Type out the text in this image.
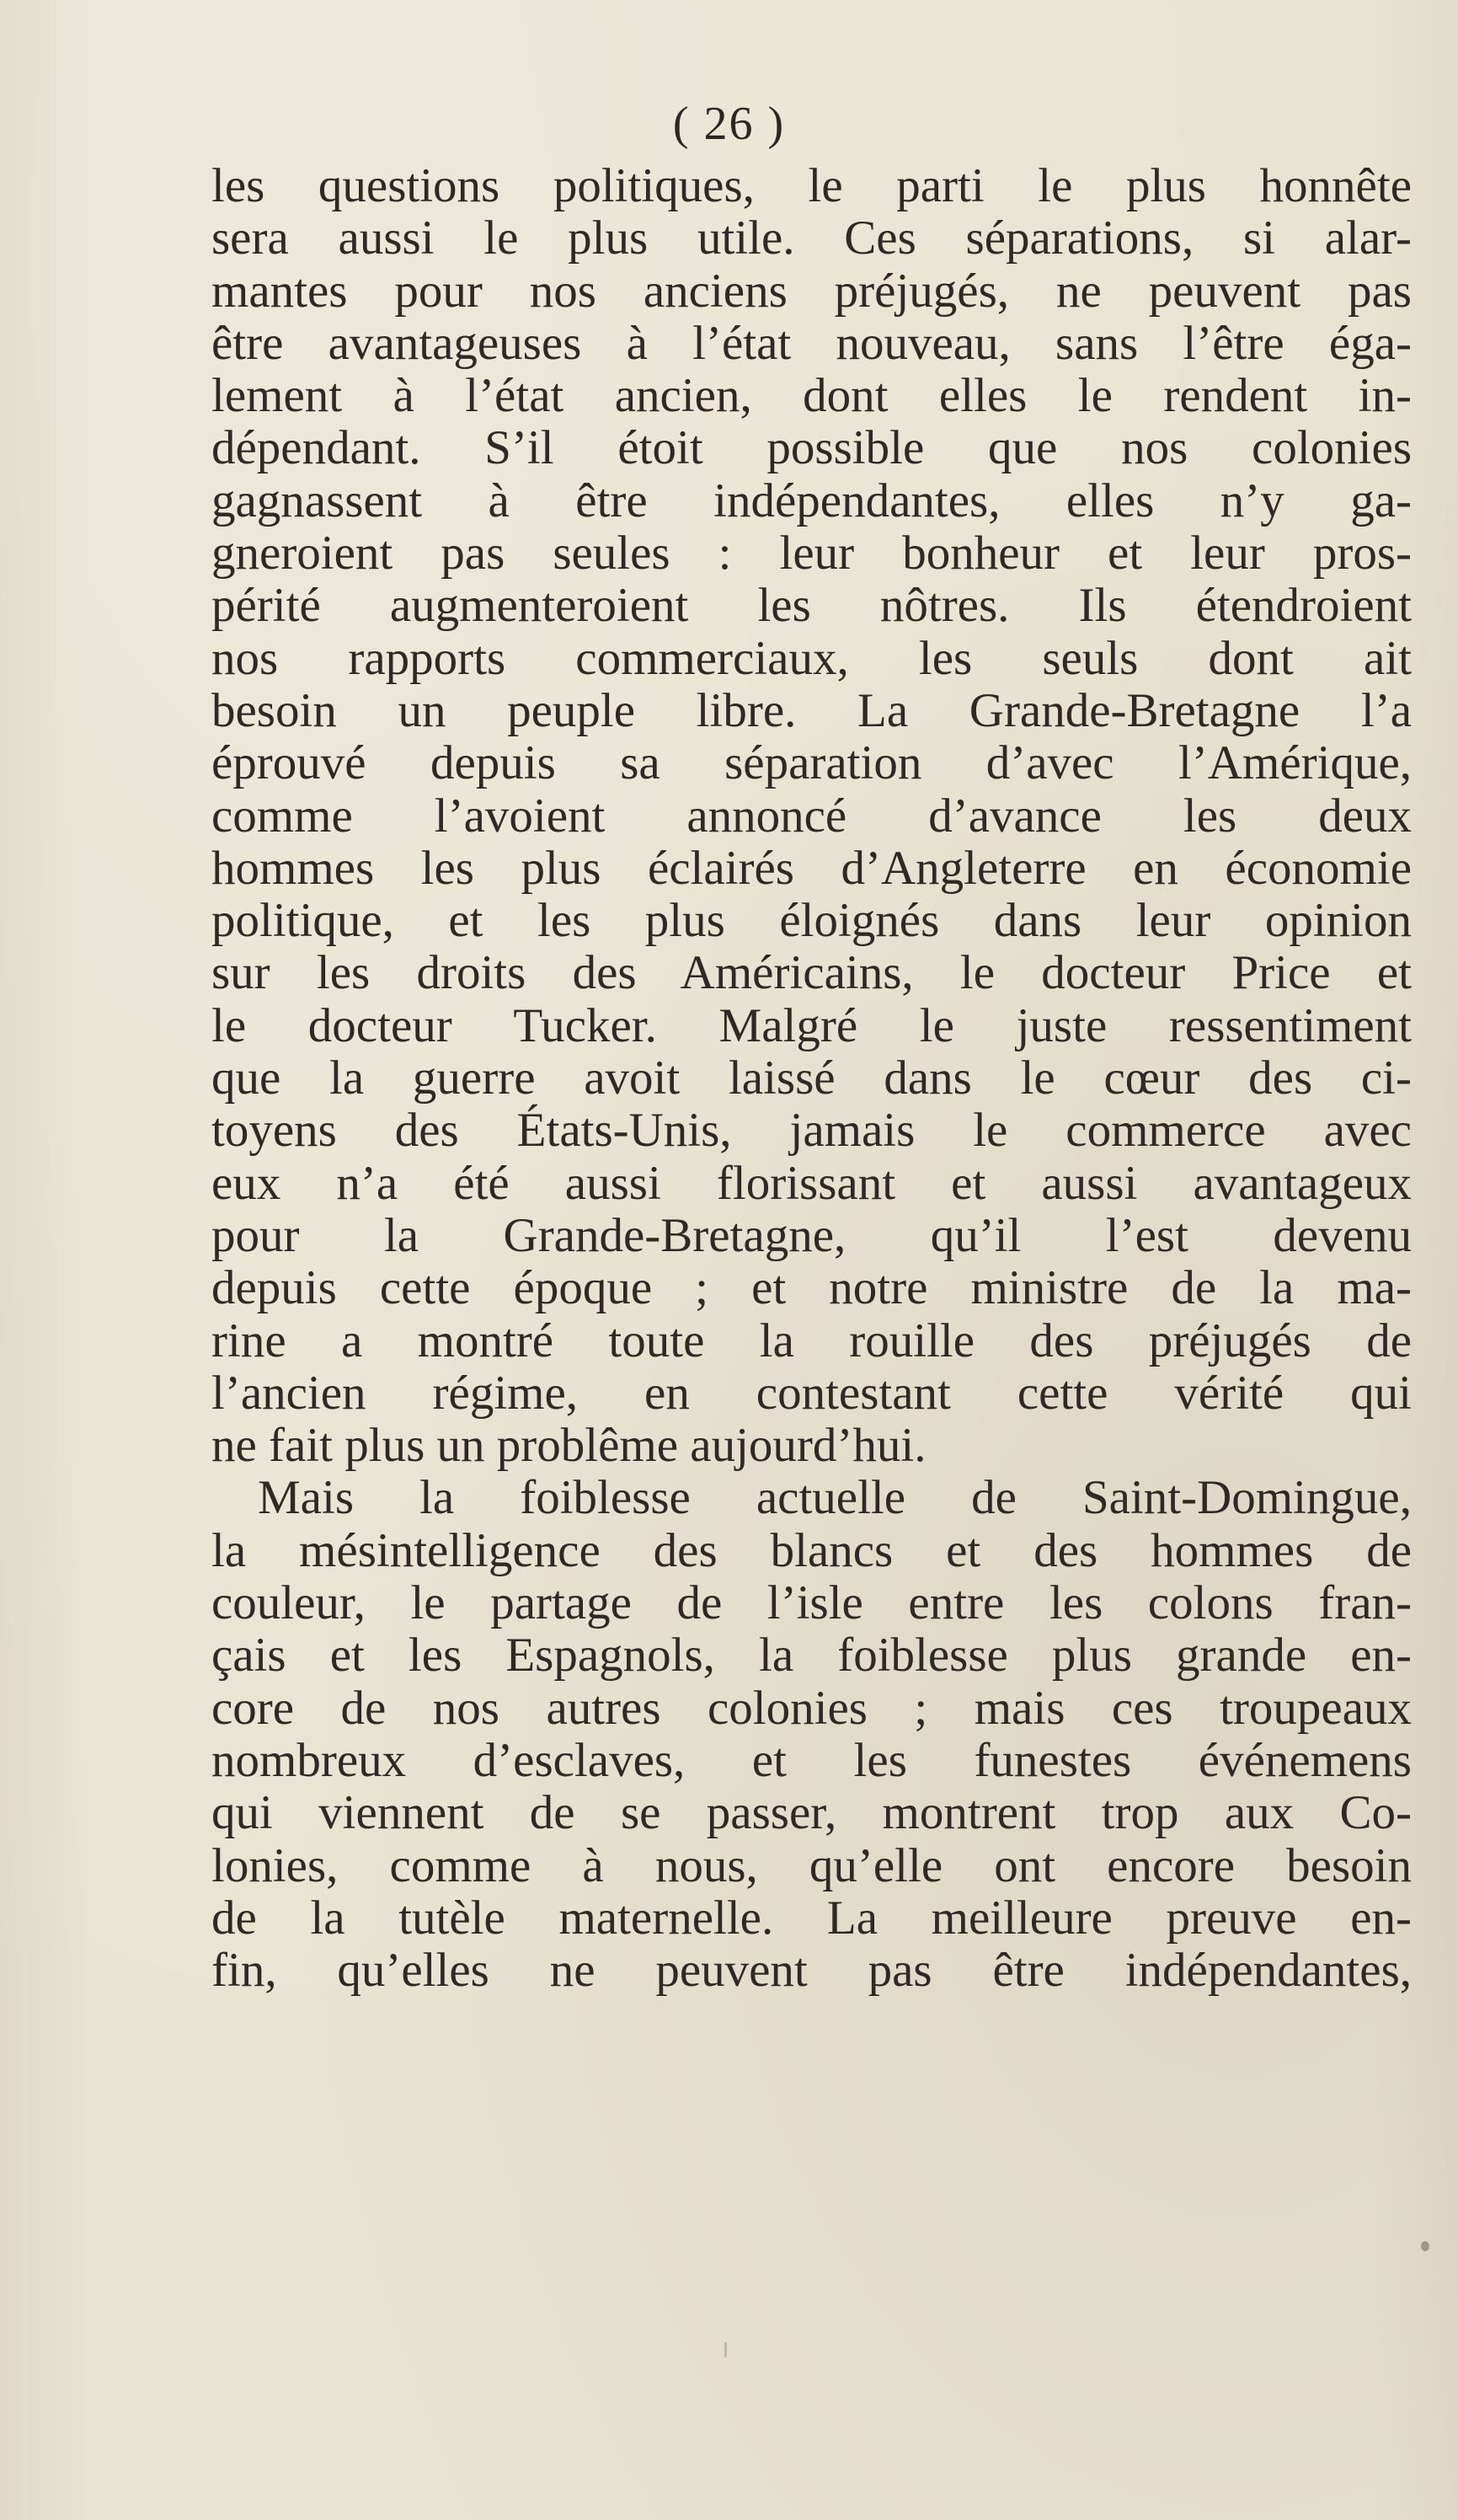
( 26 )
les questions politiques, le parti le plus honnête
sera aussi le plus utile. Ces séparations, si alar-
mantes pour nos anciens préjugés, ne peuvent pas
être avantageuses à l’état nouveau, sans l’être éga-
lement à l’état ancien, dont elles le rendent in-
dépendant. S’il étoit possible que nos colonies
gagnassent à être indépendantes, elles n’y ga-
gneroient pas seules : leur bonheur et leur pros-
périté augmenteroient les nôtres. Ils étendroient
nos rapports commerciaux, les seuls dont ait
besoin un peuple libre. La Grande-Bretagne l’a
éprouvé depuis sa séparation d’avec l’Amérique,
comme l’avoient annoncé d’avance les deux
hommes les plus éclairés d’Angleterre en économie
politique, et les plus éloignés dans leur opinion
sur les droits des Américains, le docteur Price et
le docteur Tucker. Malgré le juste ressentiment
que la guerre avoit laissé dans le cœur des ci-
toyens des États-Unis, jamais le commerce avec
eux n’a été aussi florissant et aussi avantageux
pour la Grande-Bretagne, qu’il l’est devenu
depuis cette époque ; et notre ministre de la ma-
rine a montré toute la rouille des préjugés de
l’ancien régime, en contestant cette vérité qui
ne fait plus un problême aujourd’hui.
Mais la foiblesse actuelle de Saint-Domingue,
la mésintelligence des blancs et des hommes de
couleur, le partage de l’isle entre les colons fran-
çais et les Espagnols, la foiblesse plus grande en-
core de nos autres colonies ; mais ces troupeaux
nombreux d’esclaves, et les funestes événemens
qui viennent de se passer, montrent trop aux Co-
lonies, comme à nous, qu’elle ont encore besoin
de la tutèle maternelle. La meilleure preuve en-
fin, qu’elles ne peuvent pas être indépendantes,
